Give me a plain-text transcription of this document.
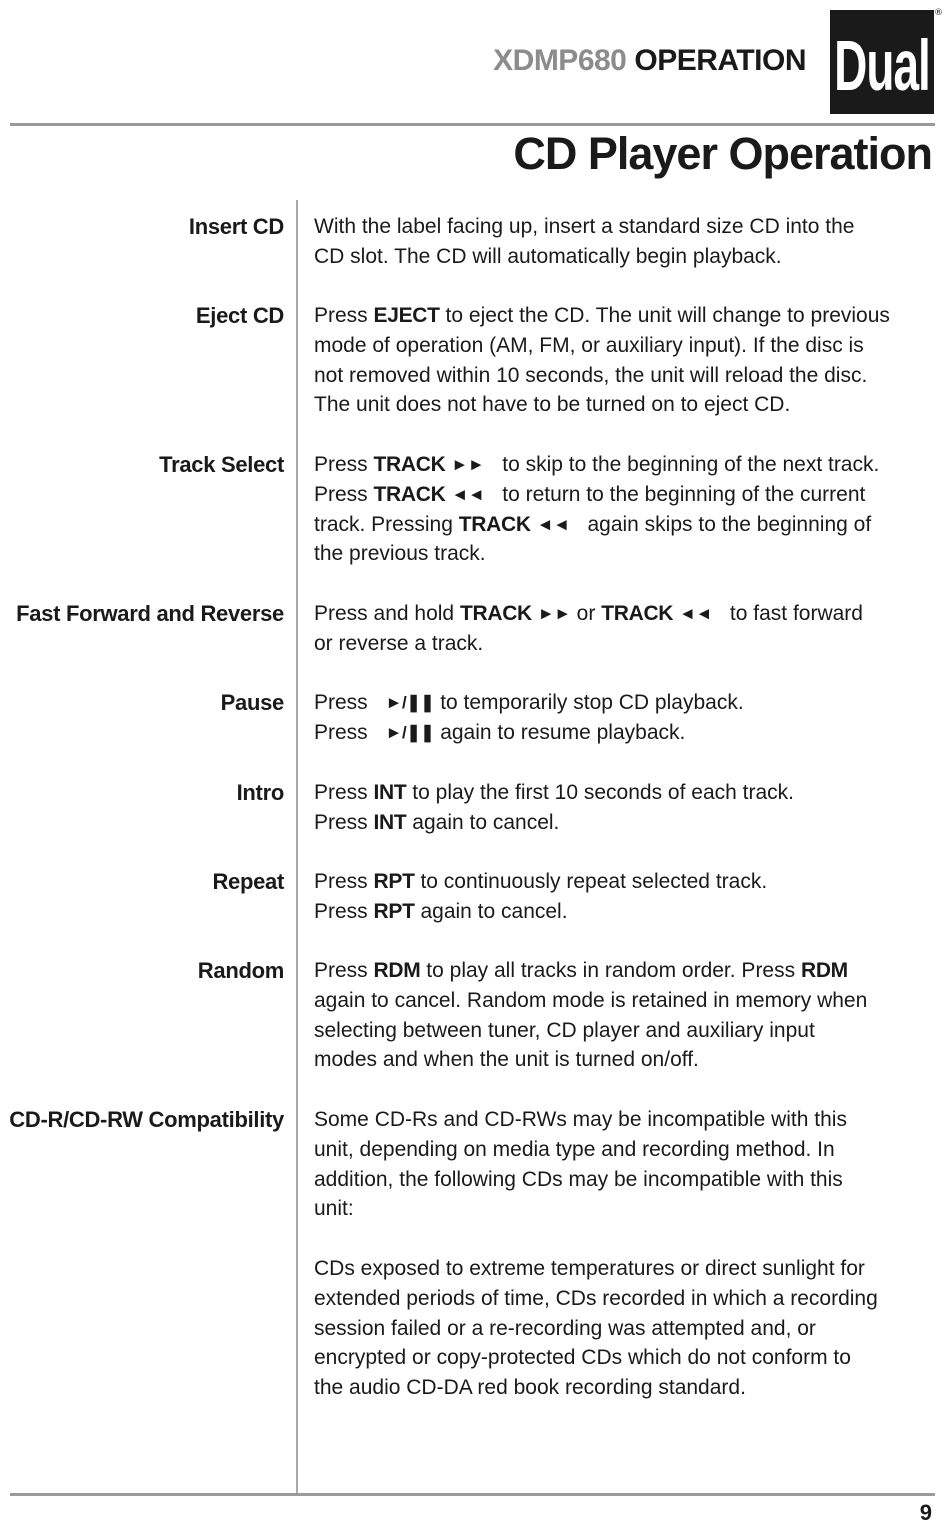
XDMP680 OPERATION Dual
®
CD Player Operation
Insert CD With the label facing up, insert a standard size CD into the
CD slot. The CD will automatically begin playback.
Eject CD Press EJECT to eject the CD. The unit will change to previous
mode of operation (AM, FM, or auxiliary input). If the disc is
not removed within 10 seconds, the unit will reload the disc.
The unit does not have to be turned on to eject CD.
Track Select Press TRACK ►► to skip to the beginning of the next track.
Press TRACK ◄◄ to return to the beginning of the current
track. Pressing TRACK ◄◄ again skips to the beginning of
the previous track.
Fast Forward and Reverse Press and hold TRACK ►► or TRACK ◄◄ to fast forward
or reverse a track.
Pause Press ►/❚❚ to temporarily stop CD playback.
Press ►/❚❚ again to resume playback.
Intro Press INT to play the first 10 seconds of each track.
Press INT again to cancel.
Repeat Press RPT to continuously repeat selected track.
Press RPT again to cancel.
Random Press RDM to play all tracks in random order. Press RDM
again to cancel. Random mode is retained in memory when
selecting between tuner, CD player and auxiliary input
modes and when the unit is turned on/off.
CD-R/CD-RW Compatibility Some CD-Rs and CD-RWs may be incompatible with this
unit, depending on media type and recording method. In
addition, the following CDs may be incompatible with this
unit:
CDs exposed to extreme temperatures or direct sunlight for
extended periods of time, CDs recorded in which a recording
session failed or a re-recording was attempted and, or
encrypted or copy-protected CDs which do not conform to
the audio CD-DA red book recording standard.
9
